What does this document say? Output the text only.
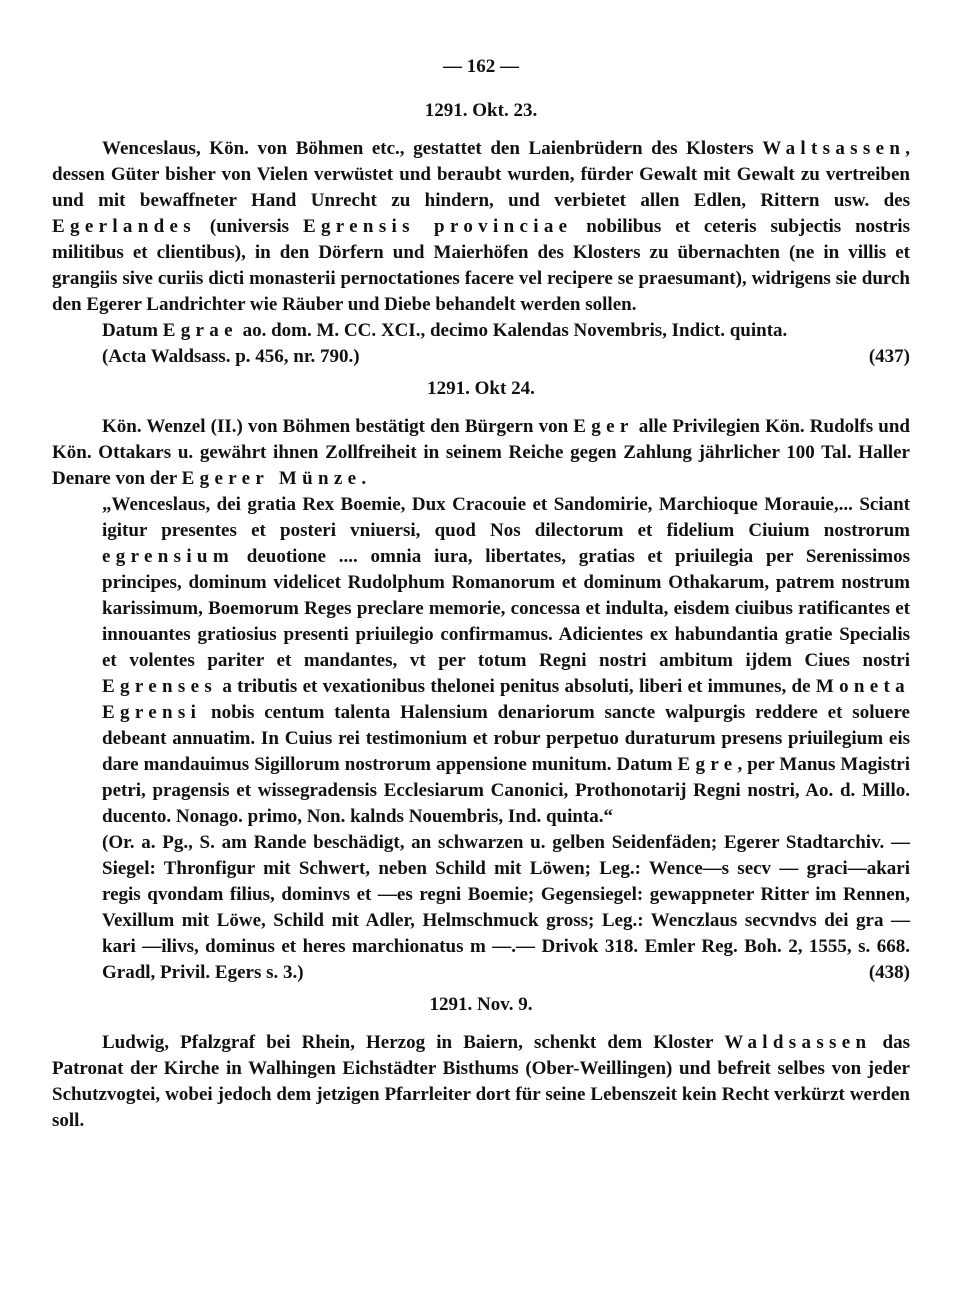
— 162 —
1291. Okt. 23.

Wenceslaus, Kön. von Böhmen etc., gestattet den Laienbrüdern des Klosters Waltsassen, dessen Güter bisher von Vielen verwüstet und beraubt wurden, fürder Gewalt mit Gewalt zu vertreiben und mit bewaffneter Hand Unrecht zu hindern, und verbietet allen Edlen, Rittern usw. des Egerlandes (universis Egrensis provinciae nobilibus et ceteris subjectis nostris militibus et clientibus), in den Dörfern und Maierhöfen des Klosters zu übernachten (ne in villis et grangiis sive curiis dicti monasterii pernoctationes facere vel recipere se praesumant), widrigens sie durch den Egerer Landrichter wie Räuber und Diebe behandelt werden sollen.

Datum Egrae ao. dom. M. CC. XCI., decimo Kalendas Novembris, Indict. quinta.

(Acta Waldsass. p. 456, nr. 790.)	(437)

1291. Okt 24.

Kön. Wenzel (II.) von Böhmen bestätigt den Bürgern von Eger alle Privilegien Kön. Rudolfs und Kön. Ottakars u. gewährt ihnen Zollfreiheit in seinem Reiche gegen Zahlung jährlicher 100 Tal. Haller Denare von der Egerer Münze.

„Wenceslaus, dei gratia Rex Boemie, Dux Cracouie et Sandomirie, Marchioque Morauie,... Sciant igitur presentes et posteri vniuersi, quod Nos dilectorum et fidelium Ciuium nostrorum egrensium deuotione .... omnia iura, libertates, gratias et priuilegia per Serenissimos principes, dominum videlicet Rudolphum Romanorum et dominum Othakarum, patrem nostrum karissimum, Boemorum Reges preclare memorie, concessa et indulta, eisdem ciuibus ratificantes et innouantes gratiosius presenti priuilegio confirmamus. Adicientes ex habundantia gratie Specialis et volentes pariter et mandantes, vt per totum Regni nostri ambitum ijdem Ciues nostri Egrenses a tributis et vexationibus thelonei penitus absoluti, liberi et immunes, de Moneta Egrensi nobis centum talenta Halensium denariorum sancte walpurgis reddere et soluere debeant annuatim. In Cuius rei testimonium et robur perpetuo duraturum presens priuilegium eis dare mandauimus Sigillorum nostrorum appensione munitum. Datum Egre, per Manus Magistri petri, pragensis et wissegradensis Ecclesiarum Canonici, Prothonotarij Regni nostri, Ao. d. Millo. ducento. Nonago. primo, Non. kalnds Nouembris, Ind. quinta.“

(Or. a. Pg., S. am Rande beschädigt, an schwarzen u. gelben Seidenfäden; Egerer Stadtarchiv. — Siegel: Thronfigur mit Schwert, neben Schild mit Löwen; Leg.: Wence—s secv — graci—akari regis qvondam filius, dominvs et —es regni Boemie; Gegensiegel: gewappneter Ritter im Rennen, Vexillum mit Löwe, Schild mit Adler, Helmschmuck gross; Leg.: Wenczlaus secvndvs dei gra — kari —ilivs, dominus et heres marchionatus m —.— Drivok 318. Emler Reg. Boh. 2, 1555, s. 668. Gradl, Privil. Egers s. 3.)	(438)

1291. Nov. 9.

Ludwig, Pfalzgraf bei Rhein, Herzog in Baiern, schenkt dem Kloster Waldsassen das Patronat der Kirche in Walhingen Eichstädter Bisthums (Ober-Weillingen) und befreit selbes von jeder Schutzvogtei, wobei jedoch dem jetzigen Pfarrleiter dort für seine Lebenszeit kein Recht verkürzt werden soll.
